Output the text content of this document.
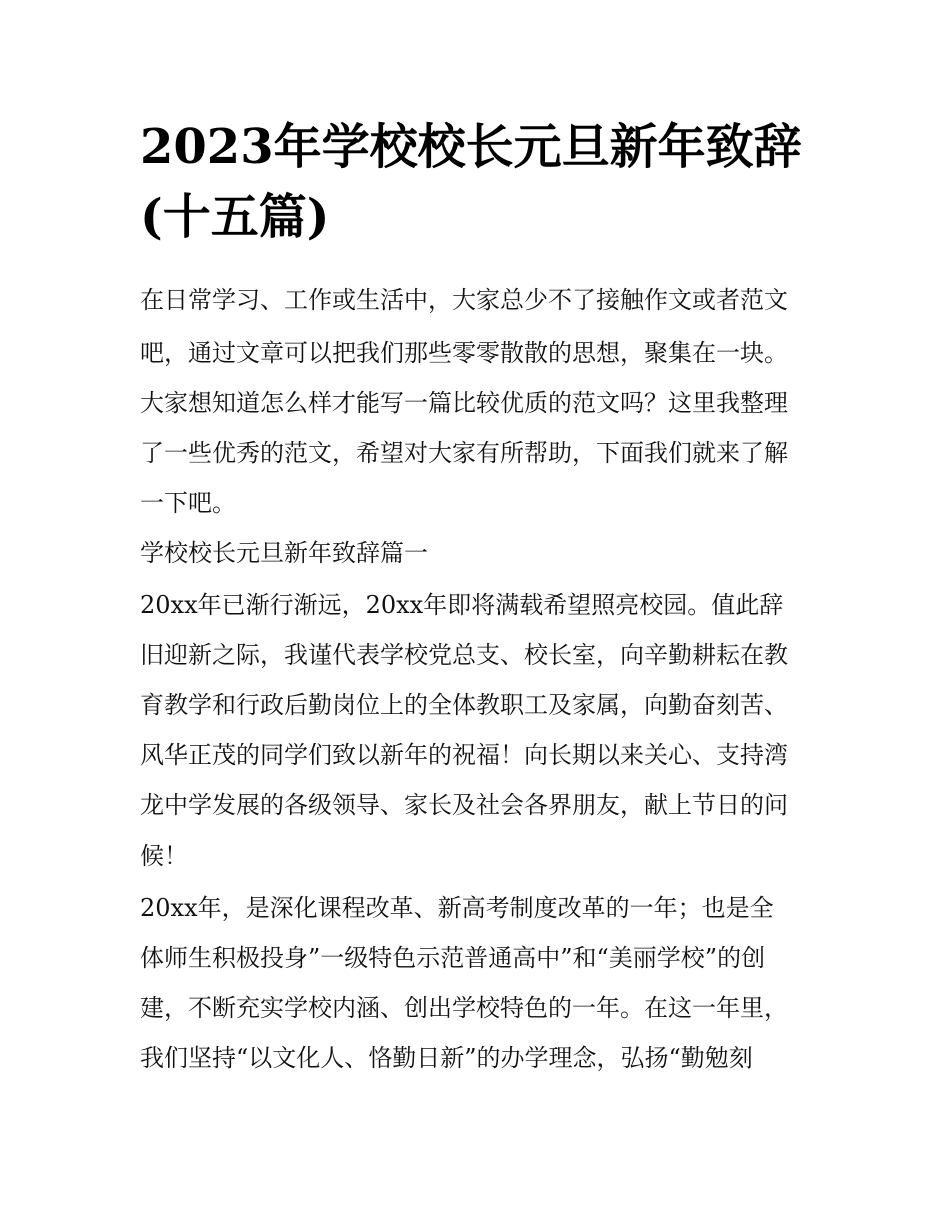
2023年学校校长元旦新年致辞
(十五篇)

在日常学习、工作或生活中，大家总少不了接触作文或者范文

吧，通过文章可以把我们那些零零散散的思想，聚集在一块。

大家想知道怎么样才能写一篇比较优质的范文吗？这里我整理

了一些优秀的范文，希望对大家有所帮助，下面我们就来了解

一下吧。

学校校长元旦新年致辞篇一

20xx年已渐行渐远，20xx年即将满载希望照亮校园。值此辞

旧迎新之际，我谨代表学校党总支、校长室，向辛勤耕耘在教

育教学和行政后勤岗位上的全体教职工及家属，向勤奋刻苦、

风华正茂的同学们致以新年的祝福！向长期以来关心、支持湾

龙中学发展的各级领导、家长及社会各界朋友，献上节日的问

候！

20xx年，是深化课程改革、新高考制度改革的一年；也是全

体师生积极投身”一级特色示范普通高中”和“美丽学校”的创

建，不断充实学校内涵、创出学校特色的一年。在这一年里，

我们坚持“以文化人、恪勤日新”的办学理念，弘扬“勤勉刻
